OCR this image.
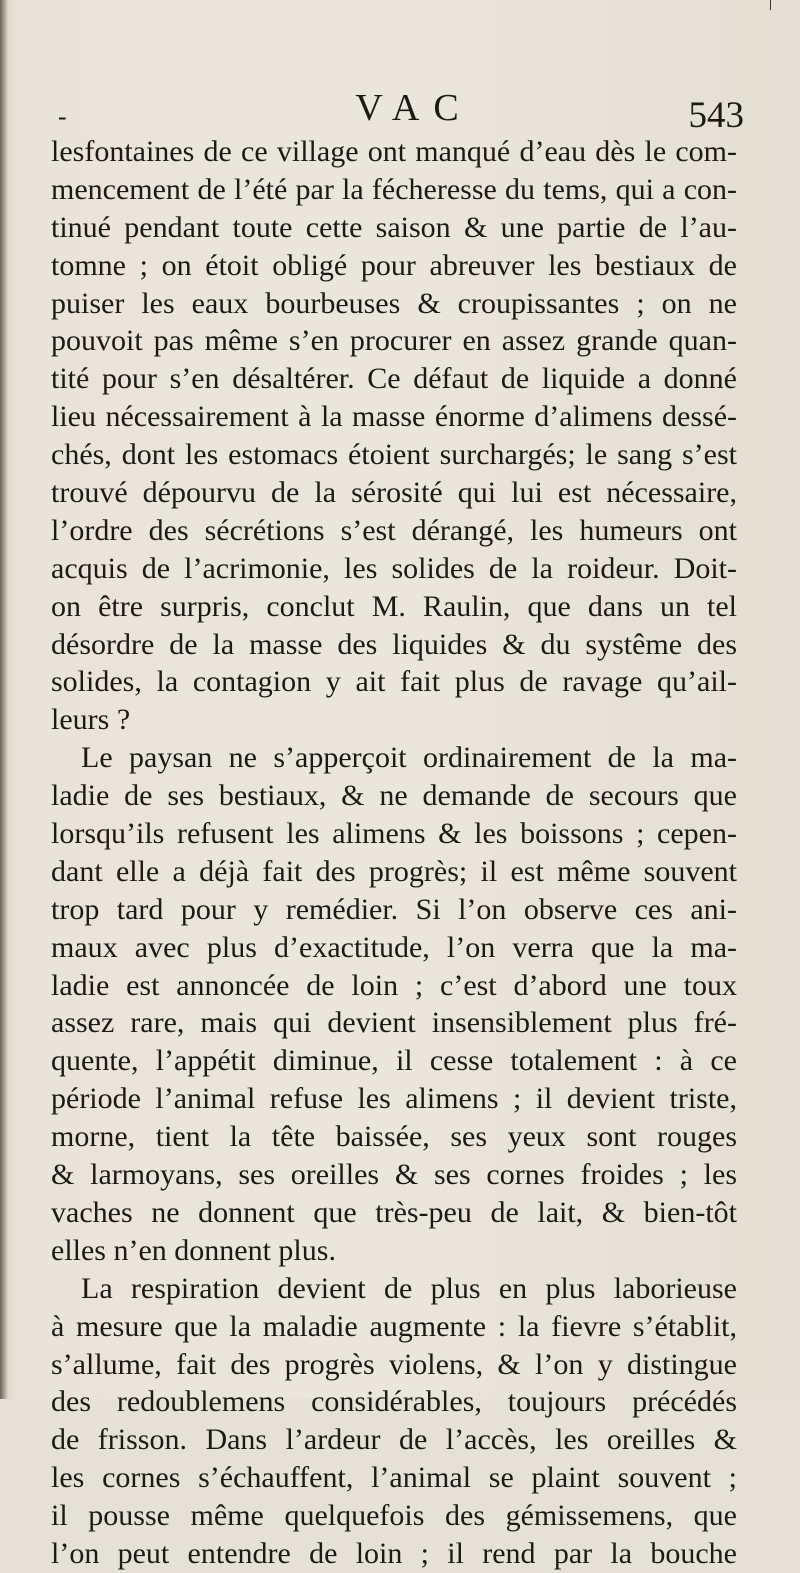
-	VAC	543
lesfontaines de ce village ont manqué d’eau dès le com-
mencement de l’été par la fécheresse du tems, qui a con-
tinué pendant toute cette saison & une partie de l’au-
tomne ; on étoit obligé pour abreuver les bestiaux de
puiser les eaux bourbeuses & croupissantes ; on ne
pouvoit pas même s’en procurer en assez grande quan-
tité pour s’en désaltérer. Ce défaut de liquide a donné
lieu nécessairement à la masse énorme d’alimens dessé-
chés, dont les estomacs étoient surchargés; le sang s’est
trouvé dépourvu de la sérosité qui lui est nécessaire,
l’ordre des sécrétions s’est dérangé, les humeurs ont
acquis de l’acrimonie, les solides de la roideur. Doit-
on être surpris, conclut M. Raulin, que dans un tel
désordre de la masse des liquides & du systême des
solides, la contagion y ait fait plus de ravage qu’ail-
leurs ?
Le paysan ne s’apperçoit ordinairement de la ma-
ladie de ses bestiaux, & ne demande de secours que
lorsqu’ils refusent les alimens & les boissons ; cepen-
dant elle a déjà fait des progrès; il est même souvent
trop tard pour y remédier. Si l’on observe ces ani-
maux avec plus d’exactitude, l’on verra que la ma-
ladie est annoncée de loin ; c’est d’abord une toux
assez rare, mais qui devient insensiblement plus fré-
quente, l’appétit diminue, il cesse totalement : à ce
période l’animal refuse les alimens ; il devient triste,
morne, tient la tête baissée, ses yeux sont rouges
& larmoyans, ses oreilles & ses cornes froides ; les
vaches ne donnent que très-peu de lait, & bien-tôt
elles n’en donnent plus.
La respiration devient de plus en plus laborieuse
à mesure que la maladie augmente : la fievre s’établit,
s’allume, fait des progrès violens, & l’on y distingue
des redoublemens considérables, toujours précédés
de frisson. Dans l’ardeur de l’accès, les oreilles &
les cornes s’échauffent, l’animal se plaint souvent ;
il pousse même quelquefois des gémissemens, que
l’on peut entendre de loin ; il rend par la bouche
